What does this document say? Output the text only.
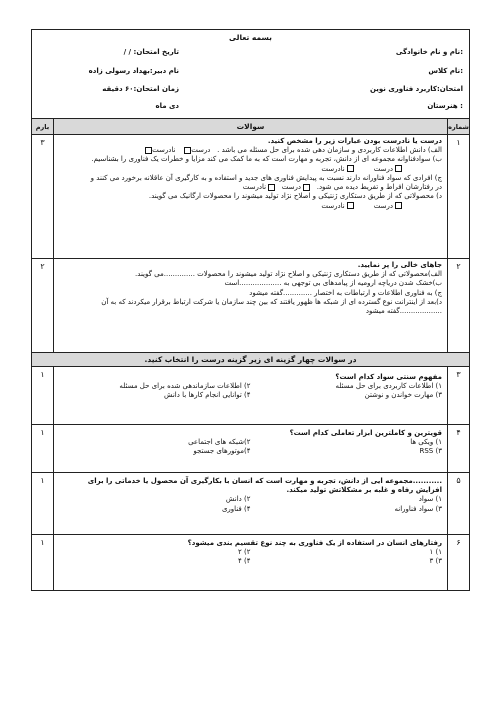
بسمه تعالی
نام و نام خانوادگی:
نام کلاس:
امتحان:کاربرد فناوری نوین
هنرستان :
تاریخ امتحان: / /
نام دبیر:بهداد رسولی زاده
زمان امتحان:۶۰ دقیقه
دی ماه
شماره
سوالات
بارم
۱
۳	درست یا نادرست بودن عبارات زیر را مشخص کنید.
الف) دانش اطلاعات کاربردی و سازمان دهی شده برای حل مسئله می باشد .   درست   نادرست
ب) سوادفناوانه مجموعه ای از دانش، تجربه و مهارت است که به ما کمک می کند مزایا و خطرات یک فناوری را بشناسیم.
درست
نادرست
ج) افرادی که سواد فناورانه دارند نسبت به پیدایش فناوری های جدید و استفاده و به کارگیری آن عاقلانه برخورد می کنند و
در رفتارشان افراط و تفریط دیده می شود.   درست   نادرست
د) محصولاتی که از طریق دستکاری ژنتیکی و اصلاح نژاد تولید میشوند را محصولات ارگانیک می گویند.
درست
نادرست
۲
۲	جاهای خالی را پر نمایید.
الف)محصولاتی که از طریق دستکاری ژنتیکی و اصلاح نژاد تولید میشوند را محصولات ..............می گویند.
ب)خشک شدن دریاچه ارومیه از پیامدهای بی توجهی به ...................است
ج) به فناوری اطلاعات و ارتباطات به اختصار .............گفته میشود
د)بعد از اینترانت نوع گسترده ای از شبکه ها ظهور یافتند که بین چند سازمان یا شرکت ارتباط برقرار میکردند که به آن
...................گفته میشود
در سوالات چهار گزینه ای زیر گزینه درست را انتخاب کنید.
۳
۱	مفهوم سنتی سواد کدام است؟
۱) اطلاعات کاربردی برای حل مسئله
۲) اطلاعات سازماندهی شده برای حل مسئله
۳) مهارت خواندن و نوشتن
۴) توانایی انجام کارها با دانش
۴
۱	قویترین و کاملترین ابزار تعاملی کدام است؟
۱) ویکی ها
۲)شبکه های اجتماعی
۳) RSS
۴)موتورهای جستجو
۵
۱	...........مجموعه ایی از دانش، تجربه و مهارت است که انسان با بکارگیری آن محصول یا خدماتی را برای
افزایش رفاه و غلبه بر مشکلاتش تولید میکند.
۱) سواد
۲) دانش
۳) سواد فناورانه
۴) فناوری
۶
۱	رفتارهای انسان در استفاده از یک فناوری به چند نوع تقسیم بندی میشود؟
۱) ۱
۲) ۲
۳) ۳
۴) ۴
